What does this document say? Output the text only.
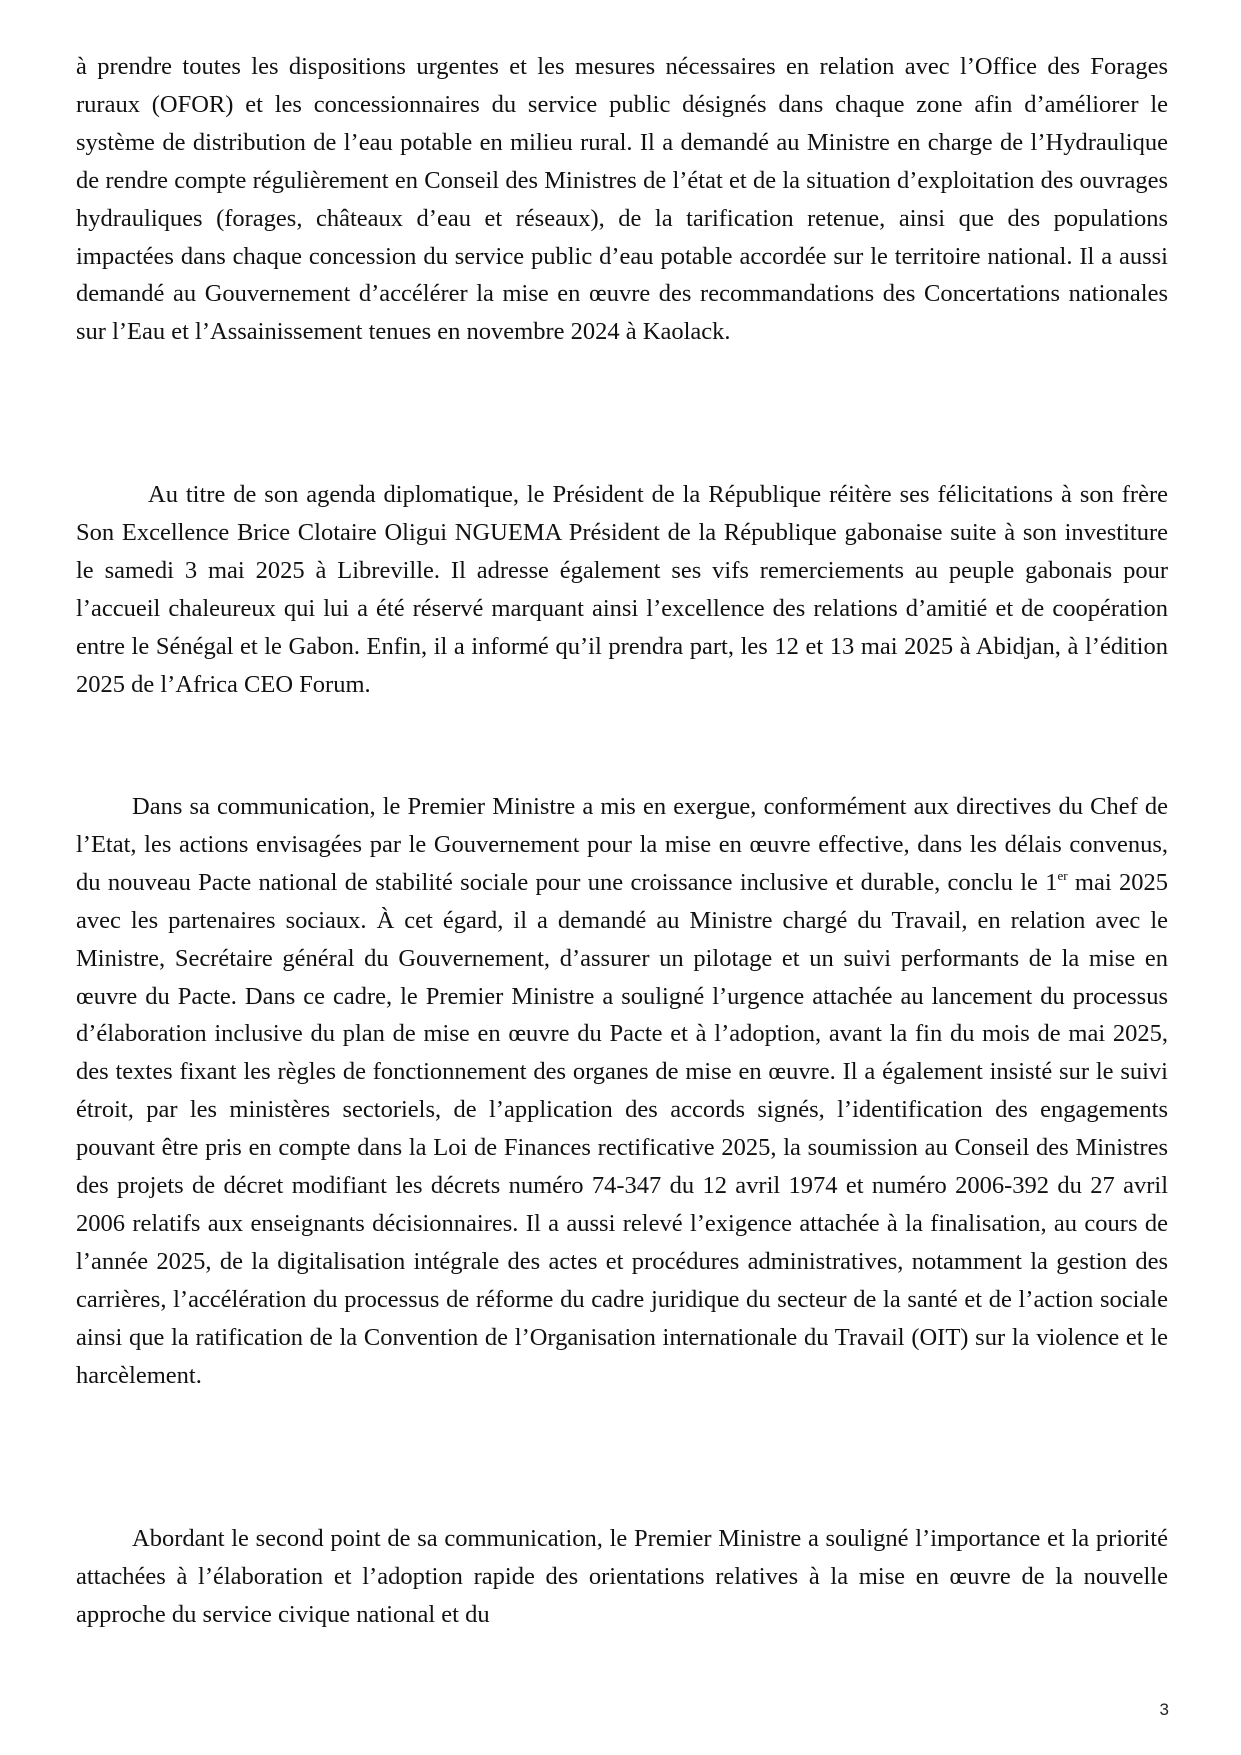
à prendre toutes les dispositions urgentes et les mesures nécessaires en relation avec l’Office des Forages ruraux (OFOR) et les concessionnaires du service public désignés dans chaque zone afin d’améliorer le système de distribution de l’eau potable en milieu rural. Il a demandé au Ministre en charge de l’Hydraulique de rendre compte régulièrement en Conseil des Ministres de l’état et de la situation d’exploitation des ouvrages hydrauliques (forages, châteaux d’eau et réseaux), de la tarification retenue, ainsi que des populations impactées dans chaque concession du service public d’eau potable accordée sur le territoire national. Il a aussi demandé au Gouvernement d’accélérer la mise en œuvre des recommandations des Concertations nationales sur l’Eau et l’Assainissement tenues en novembre 2024 à Kaolack.

Au titre de son agenda diplomatique, le Président de la République réitère ses félicitations à son frère Son Excellence Brice Clotaire Oligui NGUEMA Président de la République gabonaise suite à son investiture le samedi 3 mai 2025 à Libreville. Il adresse également ses vifs remerciements au peuple gabonais pour l’accueil chaleureux qui lui a été réservé marquant ainsi l’excellence des relations d’amitié et de coopération entre le Sénégal et le Gabon. Enfin, il a informé qu’il prendra part, les 12 et 13 mai 2025 à Abidjan, à l’édition 2025 de l’Africa CEO Forum.

Dans sa communication, le Premier Ministre a mis en exergue, conformément aux directives du Chef de l’Etat, les actions envisagées par le Gouvernement pour la mise en œuvre effective, dans les délais convenus, du nouveau Pacte national de stabilité sociale pour une croissance inclusive et durable, conclu le 1er mai 2025 avec les partenaires sociaux. À cet égard, il a demandé au Ministre chargé du Travail, en relation avec le Ministre, Secrétaire général du Gouvernement, d’assurer un pilotage et un suivi performants de la mise en œuvre du Pacte. Dans ce cadre, le Premier Ministre a souligné l’urgence attachée au lancement du processus d’élaboration inclusive du plan de mise en œuvre du Pacte et à l’adoption, avant la fin du mois de mai 2025, des textes fixant les règles de fonctionnement des organes de mise en œuvre. Il a également insisté sur le suivi étroit, par les ministères sectoriels, de l’application des accords signés, l’identification des engagements pouvant être pris en compte dans la Loi de Finances rectificative 2025, la soumission au Conseil des Ministres des projets de décret modifiant les décrets numéro 74-347 du 12 avril 1974 et numéro 2006-392 du 27 avril 2006 relatifs aux enseignants décisionnaires. Il a aussi relevé l’exigence attachée à la finalisation, au cours de l’année 2025, de la digitalisation intégrale des actes et procédures administratives, notamment la gestion des carrières, l’accélération du processus de réforme du cadre juridique du secteur de la santé et de l’action sociale ainsi que la ratification de la Convention de l’Organisation internationale du Travail (OIT) sur la violence et le harcèlement.

Abordant le second point de sa communication, le Premier Ministre a souligné l’importance et la priorité attachées à l’élaboration et l’adoption rapide des orientations relatives à la mise en œuvre de la nouvelle approche du service civique national et du

3
